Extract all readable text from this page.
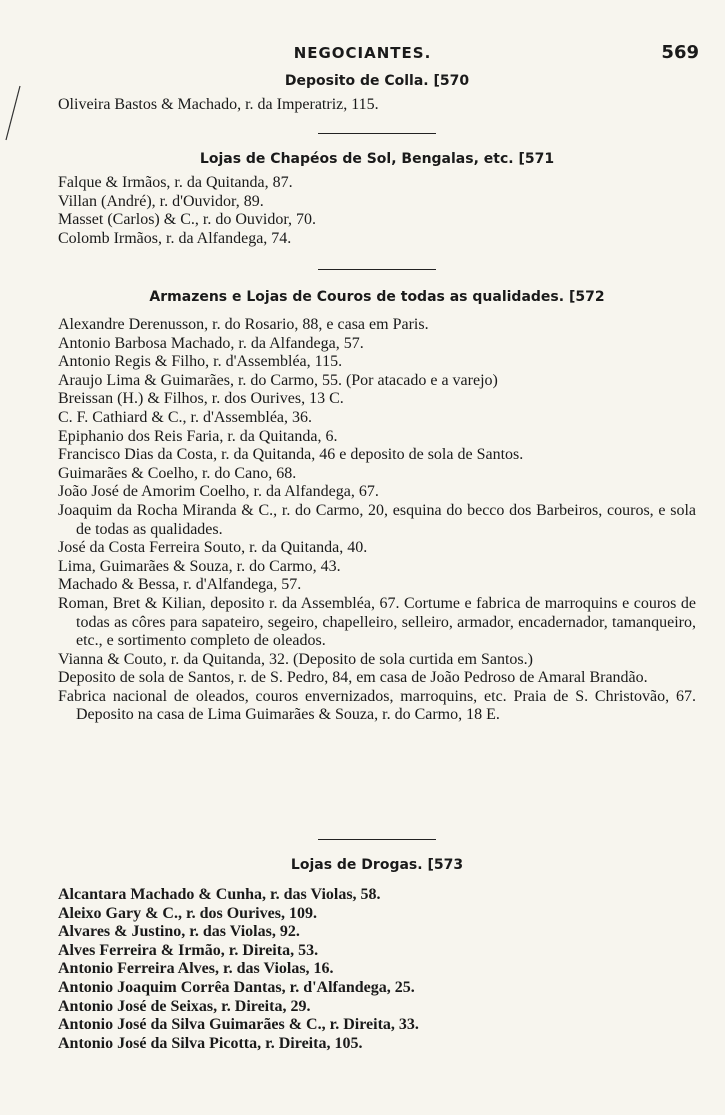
NEGOCIANTES.	569
Deposito de Colla. [570
Oliveira Bastos & Machado, r. da Imperatriz, 115.
Lojas de Chapéos de Sol, Bengalas, etc. [571
Falque & Irmãos, r. da Quitanda, 87.
Villan (André), r. d'Ouvidor, 89.
Masset (Carlos) & C., r. do Ouvidor, 70.
Colomb Irmãos, r. da Alfandega, 74.
Armazens e Lojas de Couros de todas as qualidades. [572
Alexandre Derenusson, r. do Rosario, 88, e casa em Paris.
Antonio Barbosa Machado, r. da Alfandega, 57.
Antonio Regis & Filho, r. d'Assembléa, 115.
Araujo Lima & Guimarães, r. do Carmo, 55. (Por atacado e a varejo)
Breissan (H.) & Filhos, r. dos Ourives, 13 C.
C. F. Cathiard & C., r. d'Assembléa, 36.
Epiphanio dos Reis Faria, r. da Quitanda, 6.
Francisco Dias da Costa, r. da Quitanda, 46 e deposito de sola de Santos.
Guimarães & Coelho, r. do Cano, 68.
João José de Amorim Coelho, r. da Alfandega, 67.
Joaquim da Rocha Miranda & C., r. do Carmo, 20, esquina do becco dos Barbeiros, couros, e sola de todas as qualidades.
José da Costa Ferreira Souto, r. da Quitanda, 40.
Lima, Guimarães & Souza, r. do Carmo, 43.
Machado & Bessa, r. d'Alfandega, 57.
Roman, Bret & Kilian, deposito r. da Assembléa, 67. Cortume e fabrica de marroquins e couros de todas as côres para sapateiro, segeiro, chapelleiro, selleiro, armador, encadernador, tamanqueiro, etc., e sortimento completo de oleados.
Vianna & Couto, r. da Quitanda, 32. (Deposito de sola curtida em Santos.)
Deposito de sola de Santos, r. de S. Pedro, 84, em casa de João Pedroso de Amaral Brandão.
Fabrica nacional de oleados, couros envernizados, marroquins, etc. Praia de S. Christovão, 67. Deposito na casa de Lima Guimarães & Souza, r. do Carmo, 18 E.
Lojas de Drogas. [573
Alcantara Machado & Cunha, r. das Violas, 58.
Aleixo Gary & C., r. dos Ourives, 109.
Alvares & Justino, r. das Violas, 92.
Alves Ferreira & Irmão, r. Direita, 53.
Antonio Ferreira Alves, r. das Violas, 16.
Antonio Joaquim Corrêa Dantas, r. d'Alfandega, 25.
Antonio José de Seixas, r. Direita, 29.
Antonio José da Silva Guimarães & C., r. Direita, 33.
Antonio José da Silva Picotta, r. Direita, 105.
